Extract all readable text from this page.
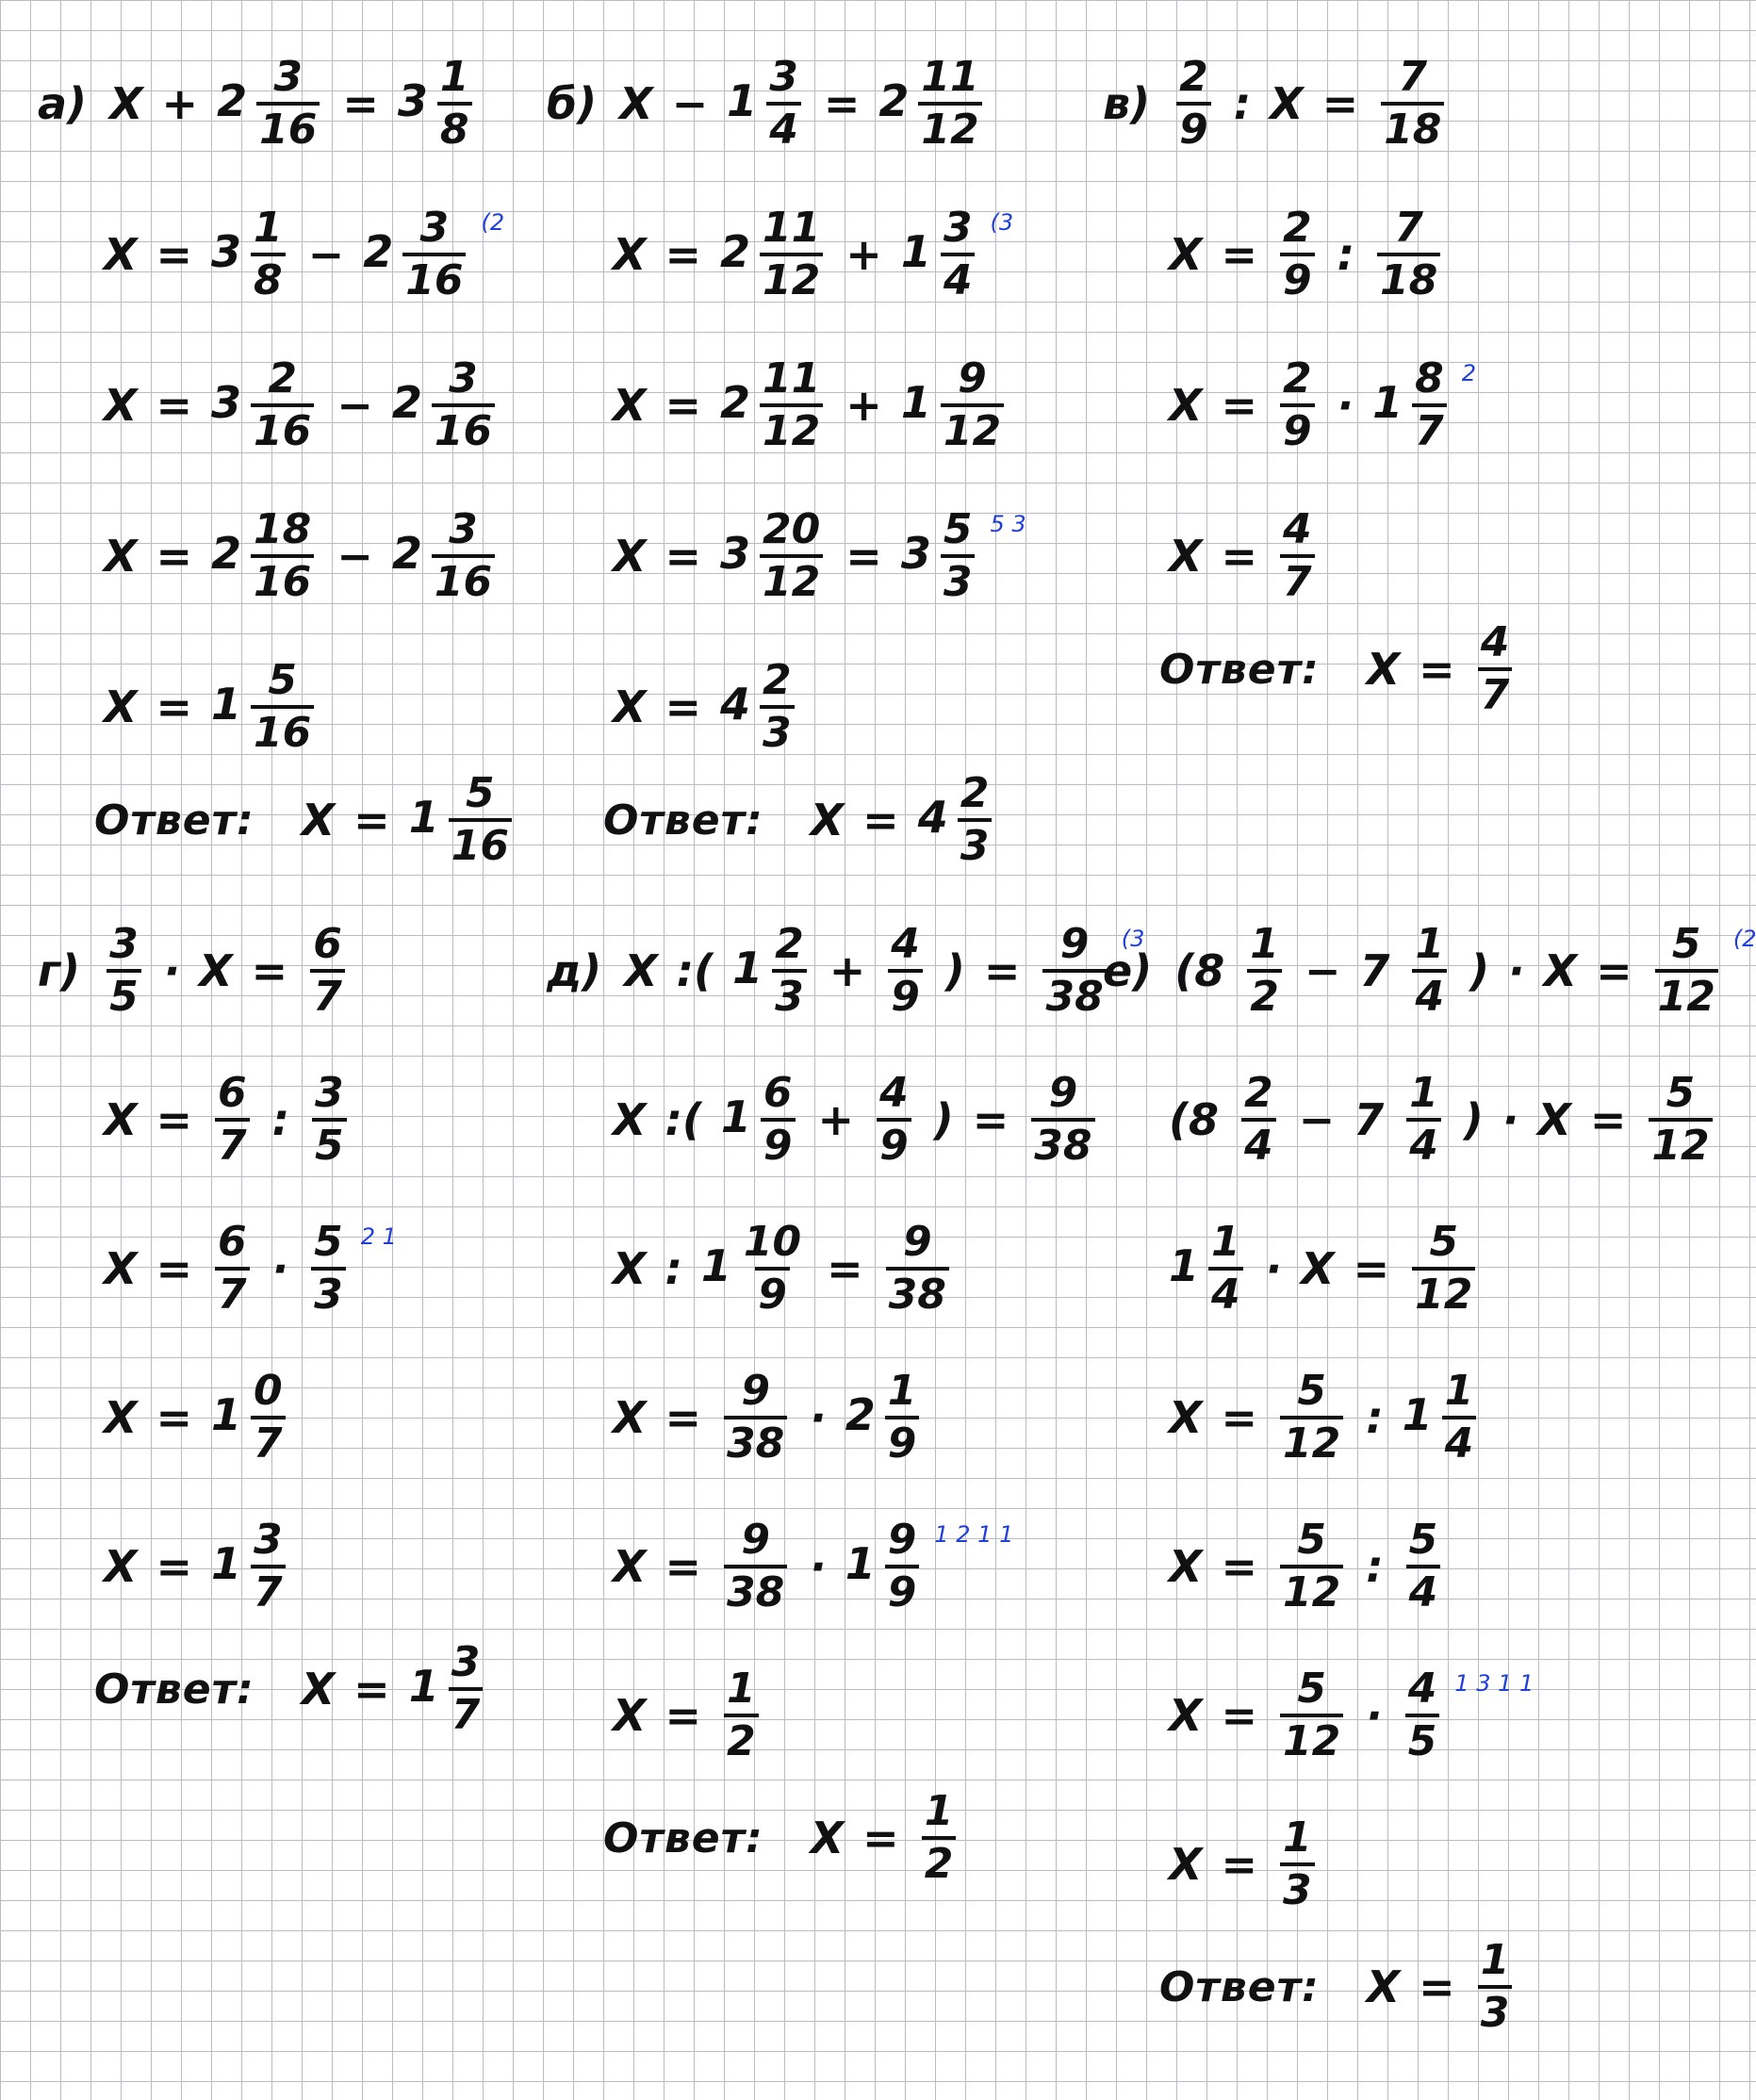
а) $X + 2 \frac{3}{16} = 3 \frac{1}{8}$
$X = 3 \frac{1}{8} - 2 \frac{3}{16} (2$
$X = 3 \frac{2}{16} - 2 \frac{3}{16}$
$X = 2 \frac{18}{16} - 2 \frac{3}{16}$
$X = 1 \frac{5}{16}$
Ответ: $X = 1 \frac{5}{16}$
б) $X - 1 \frac{3}{4} = 2 \frac{11}{12}$
$X = 2 \frac{11}{12} + 1 \frac{3}{4} (3$
$X = 2 \frac{11}{12} + 1 \frac{9}{12}$
$X = 3 \frac{20}{12} = 3 \frac{5}{3} 5$ 3
$X = 4 \frac{2}{3}$
Ответ: $X = 4 \frac{2}{3}$
$в) \frac{2}{9}$ : $X = \frac{7}{18}$
$X = \frac{2}{9}$ : $\frac{7}{18}$
$X = \frac{2}{9} \cdot 1 \frac{8}{7} 2$
$X = \frac{4}{7}$
Ответ: $X = \frac{4}{7}$
$г) \frac{3}{5} \cdot X = \frac{6}{7}$
$X = \frac{6}{7}$ : $\frac{3}{5}$
$X = \frac{6}{7} \cdot \frac{5}{3} 2$ 1
$X = 1 \frac{0}{7}$
$X = 1 \frac{3}{7}$
Ответ: $X = 1 \frac{3}{7}$
д) X :( $1 \frac{2}{3} + \frac{4}{9}$ ) = $\frac{9}{38} (3$
X :( $1 \frac{6}{9} + \frac{4}{9}$ ) = $\frac{9}{38}$
X : $1 \frac{10}{9} = \frac{9}{38}$
$X = \frac{9}{38} \cdot 2 \frac{1}{9}$
$X = \frac{9}{38} \cdot 1 \frac{9}{9} 1$ 2 1 1
$X = \frac{1}{2}$
Ответ: $X = \frac{1}{2}$
е) ($8 \frac{1}{2} - 7 \frac{1}{4}$ ) · $X = \frac{5}{12} (2$
($8 \frac{2}{4} - 7 \frac{1}{4}$ ) · $X = \frac{5}{12}$
$1 \frac{1}{4} \cdot X = \frac{5}{12}$
$X = \frac{5}{12}$ : $1 \frac{1}{4}$
$X = \frac{5}{12}$ : $\frac{5}{4}$
$X = \frac{5}{12} \cdot \frac{4}{5} 1$ 3 1 1
$X = \frac{1}{3}$
Ответ: $X = \frac{1}{3}$
